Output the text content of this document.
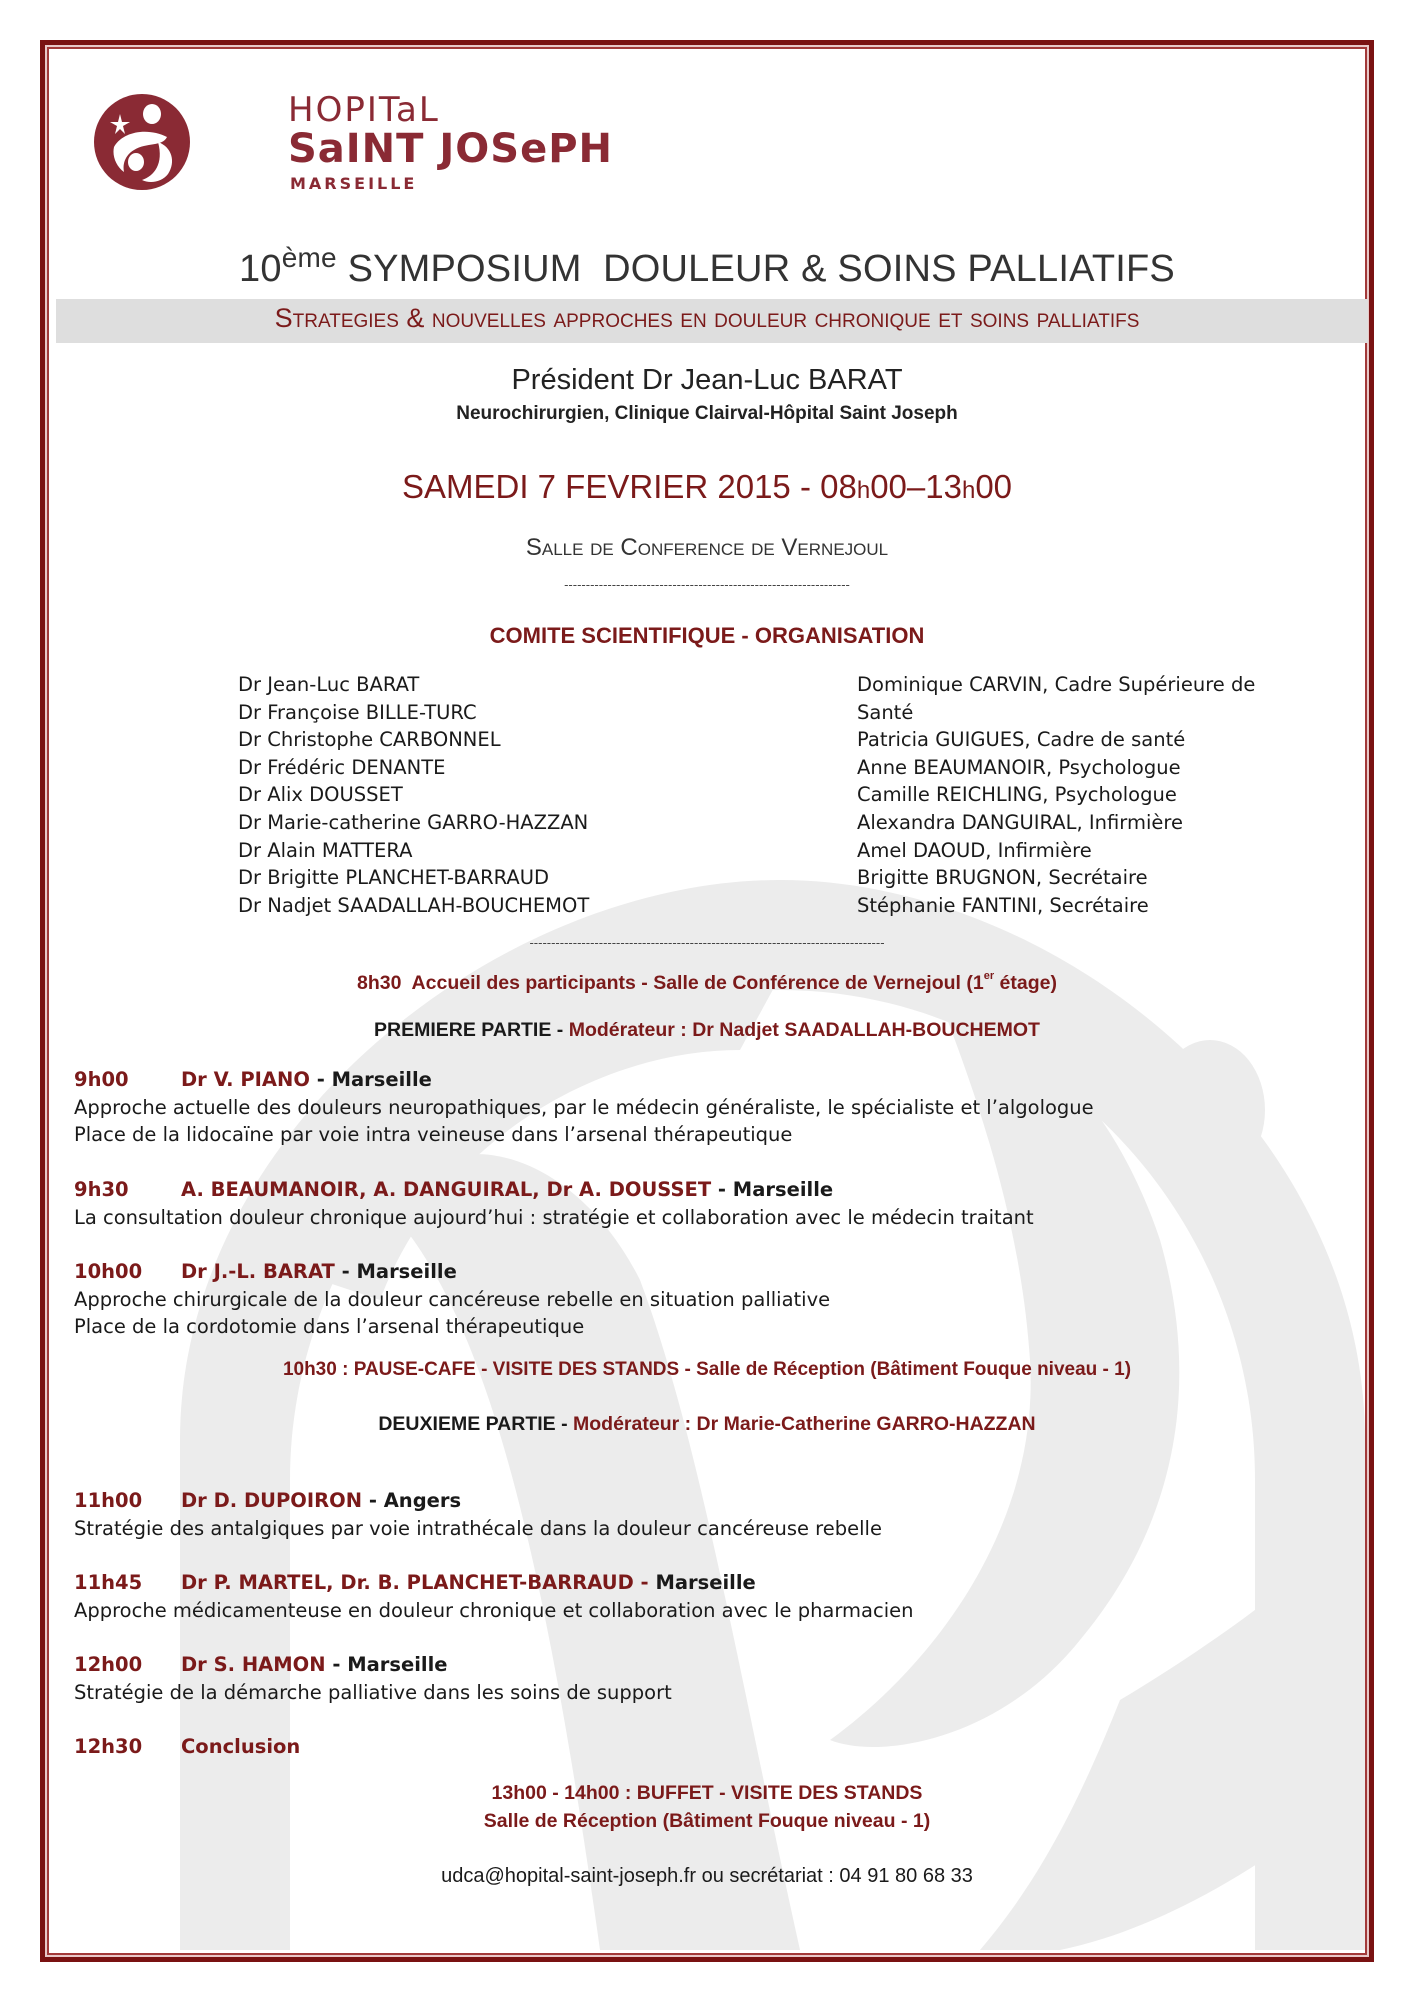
HOPITaL
SaINT JOSePH
MARSEILLE
10ème SYMPOSIUM  DOULEUR & SOINS PALLIATIFS
Strategies & nouvelles approches en douleur chronique et soins palliatifs
Président Dr Jean-Luc BARAT
Neurochirurgien, Clinique Clairval-Hôpital Saint Joseph
SAMEDI 7 FEVRIER 2015 - 08h00–13h00
Salle de Conference de Vernejoul
------------------------------------------------------------------
COMITE SCIENTIFIQUE - ORGANISATION
Dr Jean-Luc BARAT
Dr Françoise BILLE-TURC
Dr Christophe CARBONNEL
Dr Frédéric DENANTE
Dr Alix DOUSSET
Dr Marie-catherine GARRO-HAZZAN
Dr Alain MATTERA
Dr Brigitte PLANCHET-BARRAUD
Dr Nadjet SAADALLAH-BOUCHEMOT
Dominique CARVIN, Cadre Supérieure de
Santé
Patricia GUIGUES, Cadre de santé
Anne BEAUMANOIR, Psychologue
Camille REICHLING, Psychologue
Alexandra DANGUIRAL, Infirmière
Amel DAOUD, Infirmière
Brigitte BRUGNON, Secrétaire
Stéphanie FANTINI, Secrétaire
----------------------------------------------------------------------------------
8h30  Accueil des participants - Salle de Conférence de Vernejoul (1er étage)
PREMIERE PARTIE - Modérateur : Dr Nadjet SAADALLAH-BOUCHEMOT
9h00	Dr V. PIANO - Marseille
Approche actuelle des douleurs neuropathiques, par le médecin généraliste, le spécialiste et l’algologue
Place de la lidocaïne par voie intra veineuse dans l’arsenal thérapeutique
9h30	A. BEAUMANOIR, A. DANGUIRAL, Dr A. DOUSSET - Marseille
La consultation douleur chronique aujourd’hui : stratégie et collaboration avec le médecin traitant
10h00 Dr J.-L. BARAT - Marseille
Approche chirurgicale de la douleur cancéreuse rebelle en situation palliative
Place de la cordotomie dans l’arsenal thérapeutique
10h30 : PAUSE-CAFE - VISITE DES STANDS - Salle de Réception (Bâtiment Fouque niveau - 1)
DEUXIEME PARTIE - Modérateur : Dr Marie-Catherine GARRO-HAZZAN
11h00 Dr D. DUPOIRON - Angers
Stratégie des antalgiques par voie intrathécale dans la douleur cancéreuse rebelle
11h45 Dr P. MARTEL, Dr. B. PLANCHET-BARRAUD - Marseille
Approche médicamenteuse en douleur chronique et collaboration avec le pharmacien
12h00 Dr S. HAMON - Marseille
Stratégie de la démarche palliative dans les soins de support
12h30 Conclusion
13h00 - 14h00 : BUFFET - VISITE DES STANDS
Salle de Réception (Bâtiment Fouque niveau - 1)
udca@hopital-saint-joseph.fr ou secrétariat : 04 91 80 68 33
